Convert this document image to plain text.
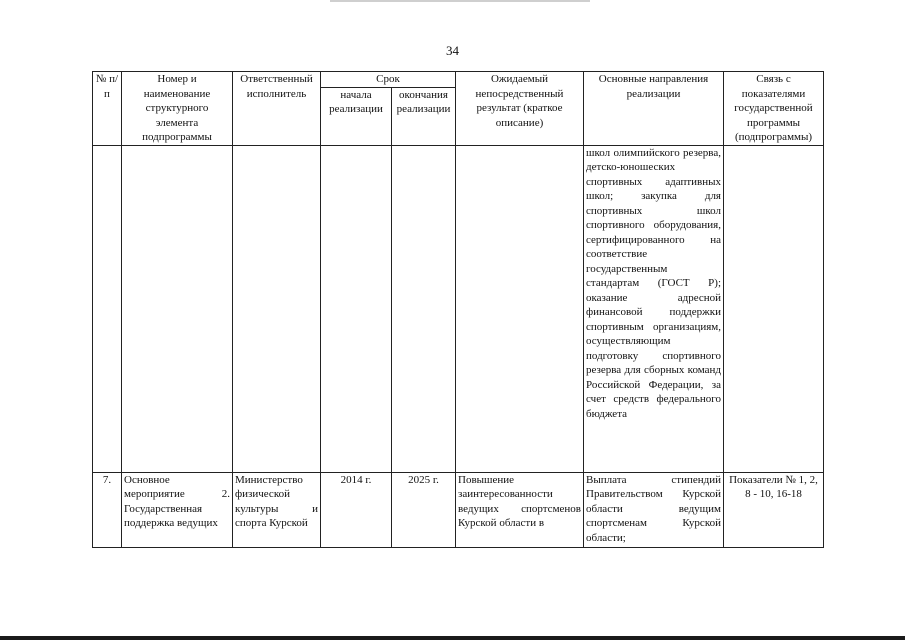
34
№ п/п	Номер и наименование структурного элемента подпрограммы	Ответственный исполнитель	Срок		Ожидаемый непосредственный результат (краткое описание)	Основные направления реализации	Связь с показателями государственной программы (подпрограммы)
			начала реализации	окончания реализации			
						школ олимпийского резерва, детско-юношеских спортивных адаптивных школ; закупка для спортивных школ спортивного оборудования, сертифицированного на соответствие государственным стандартам (ГОСТ Р); оказание адресной финансовой поддержки спортивным организациям, осуществляющим подготовку спортивного резерва для сборных команд Российской Федерации, за счет средств федерального бюджета	
7.	Основное мероприятие 2. Государственная поддержка ведущих	Министерство физической культуры и спорта Курской	2014 г.	2025 г.	Повышение заинтересованности ведущих спортсменов Курской области в	Выплата стипендий Правительством Курской области ведущим спортсменам Курской области;	Показатели № 1, 2, 8 - 10, 16-18
